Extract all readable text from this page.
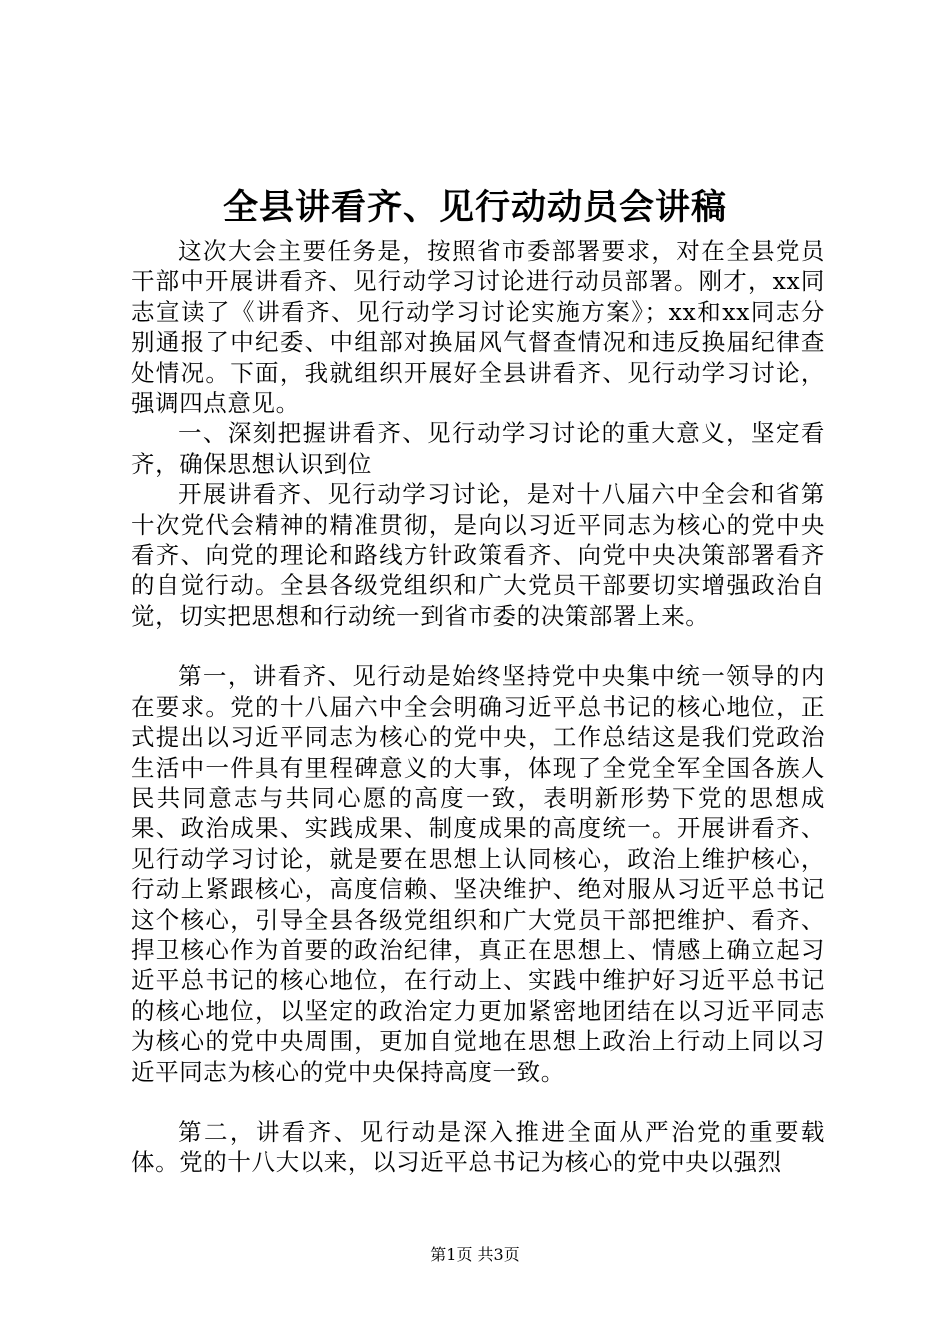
全县讲看齐、见行动动员会讲稿

这次大会主要任务是，按照省市委部署要求，对在全县党员干部中开展讲看齐、见行动学习讨论进行动员部署。刚才，xx同志宣读了《讲看齐、见行动学习讨论实施方案》；xx和xx同志分别通报了中纪委、中组部对换届风气督查情况和违反换届纪律查处情况。下面，我就组织开展好全县讲看齐、见行动学习讨论，强调四点意见。

一、深刻把握讲看齐、见行动学习讨论的重大意义，坚定看齐，确保思想认识到位

开展讲看齐、见行动学习讨论，是对十八届六中全会和省第十次党代会精神的精准贯彻，是向以习近平同志为核心的党中央看齐、向党的理论和路线方针政策看齐、向党中央决策部署看齐的自觉行动。全县各级党组织和广大党员干部要切实增强政治自觉，切实把思想和行动统一到省市委的决策部署上来。

第一，讲看齐、见行动是始终坚持党中央集中统一领导的内在要求。党的十八届六中全会明确习近平总书记的核心地位，正式提出以习近平同志为核心的党中央，工作总结这是我们党政治生活中一件具有里程碑意义的大事，体现了全党全军全国各族人民共同意志与共同心愿的高度一致，表明新形势下党的思想成果、政治成果、实践成果、制度成果的高度统一。开展讲看齐、见行动学习讨论，就是要在思想上认同核心，政治上维护核心，行动上紧跟核心，高度信赖、坚决维护、绝对服从习近平总书记这个核心，引导全县各级党组织和广大党员干部把维护、看齐、捍卫核心作为首要的政治纪律，真正在思想上、情感上确立起习近平总书记的核心地位，在行动上、实践中维护好习近平总书记的核心地位，以坚定的政治定力更加紧密地团结在以习近平同志为核心的党中央周围，更加自觉地在思想上政治上行动上同以习近平同志为核心的党中央保持高度一致。

第二，讲看齐、见行动是深入推进全面从严治党的重要载体。党的十八大以来，以习近平总书记为核心的党中央以强烈

第1页 共3页
